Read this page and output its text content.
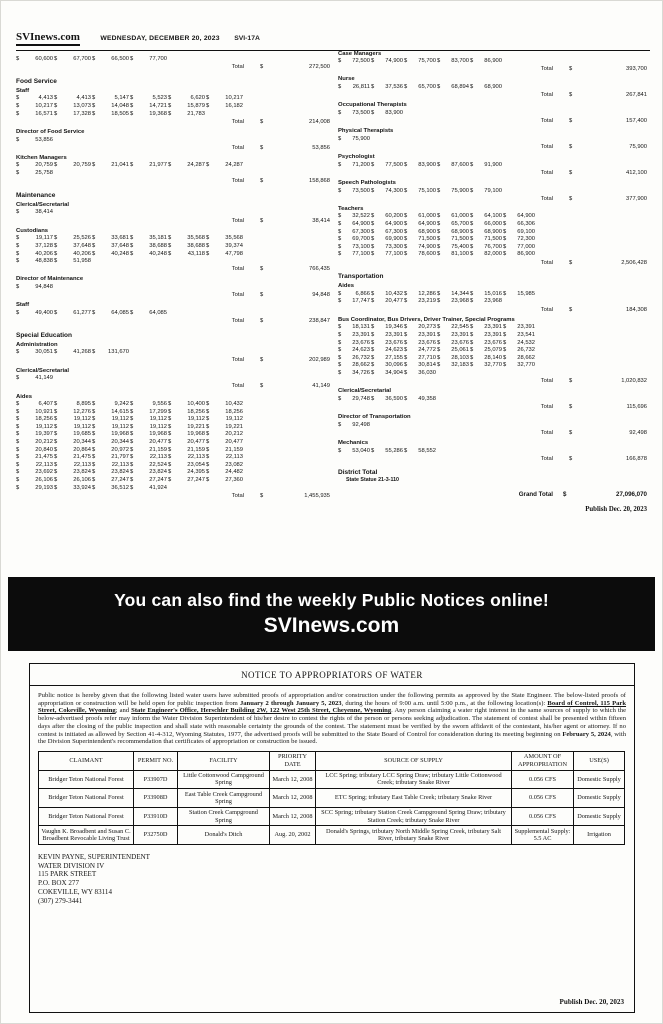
SVInews.com	WEDNESDAY, DECEMBER 20, 2023 SVI-17A
$	60,600 $	67,700 $	66,500 $	77,700
Total	$	272,500
Food Service
Staff
$	4,413 $	4,413 $	5,147 $	5,523 $	6,620 $	10,217
$	10,217 $	13,073 $	14,048 $	14,721 $	15,879 $	16,182
$	16,571 $	17,328 $	18,505 $	19,368 $	21,783
Total	$	214,008
Director of Food Service
$	53,856
Total	$	53,856
Kitchen Managers
$	20,759 $	20,759 $	21,041 $	21,977 $	24,287 $	24,287
$	25,758
Total	$	158,868
Maintenance
Clerical/Secretarial
$	38,414
Total	$	38,414
Custodians
$	19,117 $	25,526 $	33,681 $	35,181 $	35,568 $	35,568
$	37,128 $	37,648 $	37,648 $	38,688 $	38,688 $	39,374
$	40,206 $	40,206 $	40,248 $	40,248 $	43,118 $	47,798
$	48,838 $	51,958
Total	$	766,435
Director of Maintenance
$	94,848
Total	$	94,848
Staff
$	49,400 $	61,277 $	64,085 $	64,085
Total	$	238,847
Special Education
Administration
$	30,051 $	41,268 $ 131,670
Total	$	202,989
Clerical/Secretarial
$	41,149
Total	$	41,149
Aides
$	6,407 $	8,895 $	9,242 $	9,556 $	10,400 $	10,432
$	10,921 $	12,276 $	14,615 $	17,299 $	18,256 $	18,256
$	18,256 $	19,112 $	19,112 $	19,112 $	19,112 $	19,112
$	19,112 $	19,112 $	19,112 $	19,112 $	19,221 $	19,221
$	19,397 $	19,685 $	19,968 $	19,968 $	19,968 $	20,212
$	20,212 $	20,344 $	20,344 $	20,477 $	20,477 $	20,477
$	20,840 $	20,864 $	20,972 $	21,159 $	21,159 $	21,159
$	21,475 $	21,475 $	21,797 $	22,113 $	22,113 $	22,113
$	22,113 $	22,113 $	22,113 $	22,524 $	23,054 $	23,082
$	23,692 $	23,824 $	23,824 $	23,824 $	24,395 $	24,482
$	26,106 $	26,106 $	27,247 $	27,247 $	27,247 $	27,360
$	29,193 $	33,924 $	36,512 $	41,924
Total	$	1,455,935
Case Managers
$ 72,500 $ 74,900 $ 75,700 $ 83,700 $ 86,900
Total	$	393,700
Nurse
$ 26,811 $ 37,536 $ 65,700 $ 68,894 $ 68,900
Total	$	267,841
Occupational Therapists
$ 73,500 $ 83,900
Total	$	157,400
Physical Therapists
$ 75,900
Total	$	75,900
Psychologist
$ 71,200 $ 77,500 $ 83,900 $ 87,600 $ 91,900
Total	$	412,100
Speech Pathologists
$ 73,500 $ 74,300 $ 75,100 $ 75,900 $ 79,100
Total	$	377,900
Teachers
$ 32,522 $ 60,200 $ 61,000 $ 61,000 $ 64,100 $ 64,900
$ 64,900 $ 64,900 $ 64,900 $ 65,700 $ 66,000 $ 66,306
$ 67,300 $ 67,300 $ 68,900 $ 68,900 $ 68,900 $ 69,100
$ 69,700 $ 69,900 $ 71,500 $ 71,500 $ 71,500 $ 72,300
$ 73,100 $ 73,300 $ 74,900 $ 75,400 $ 76,700 $ 77,000
$ 77,100 $ 77,100 $ 78,600 $ 81,100 $ 82,000 $ 86,900
Total	$	2,506,428
Transportation
Aides
$ 6,866 $ 10,432 $ 12,286 $ 14,344 $ 15,016 $ 15,985
$ 17,747 $ 20,477 $ 23,219 $ 23,968 $ 23,968
Total	$	184,308
Bus Coordinator, Bus Drivers, Driver Trainer, Special Programs
$ 18,131 $ 19,346 $ 20,273 $ 22,545 $ 23,391 $ 23,391
$ 23,391 $ 23,391 $ 23,391 $ 23,391 $ 23,391 $ 23,541
$ 23,676 $ 23,676 $ 23,676 $ 23,676 $ 23,676 $ 24,532
$ 24,623 $ 24,623 $ 24,772 $ 25,061 $ 25,079 $ 26,732
$ 26,732 $ 27,155 $ 27,710 $ 28,103 $ 28,140 $ 28,662
$ 28,662 $ 30,096 $ 30,814 $ 32,183 $ 32,770 $ 32,770
$ 34,726 $ 34,904 $ 36,030
Total	$	1,020,832
Clerical/Secretarial
$ 29,748 $ 36,590 $ 49,358
Total	$	115,696
Director of Transportation
$ 92,498
Total	$	92,498
Mechanics
$ 53,040 $ 55,286 $ 58,552
Total	$	166,878
District Total
State Statue 21-3-110
Grand Total $	27,096,070
Publish Dec. 20, 2023
You can also find the weekly Public Notices online!
SVInews.com
NOTICE TO APPROPRIATORS OF WATER

Public notice is hereby given that the following listed water users have submitted proofs of appropriation and/or construction under the following permits as approved by the State Engineer. The below-listed proofs of appropriation or construction will be held open for public inspection from January 2 through January 5, 2023, during the hours of 9:00 a.m. until 5:00 p.m., at the following location(s): Board of Control, 115 Park Street, Cokeville, Wyoming; and State Engineer's Office, Herschler Building 2W, 122 West 25th Street, Cheyenne, Wyoming. Any person claiming a water right interest in the same sources of supply to which the below-advertised proofs refer may inform the Water Division Superintendent of his/her desire to contest the rights of the person or persons seeking adjudication. The statement of contest shall be presented within fifteen days after the closing of the public inspection and shall state with reasonable certainty the grounds of the contest. The statement must be verified by the sworn affidavit of the contestant, his/her agent or attorney. If no contest is initiated as allowed by Section 41-4-312, Wyoming Statutes, 1977, the advertised proofs will be submitted to the State Board of Control for consideration during its meeting beginning on February 5, 2024, with the Division Superintendent's recommendation that certificates of appropriation or construction be issued.

CLAIMANT	PERMIT NO.	FACILITY	PRIORITY DATE	SOURCE OF SUPPLY	AMOUNT OF APPROPRIATION	USE(S)
Bridger Teton National Forest	P33907D	Little Cottonwood Campground Spring	March 12, 2008	LCC Spring; tributary LCC Spring Draw; tributary Little Cottonwood Creek; tributary Snake River	0.056 CFS	Domestic Supply
Bridger Teton National Forest	P33908D	East Table Creek Campground Spring	March 12, 2008	ETC Spring; tributary East Table Creek; tributary Snake River	0.056 CFS	Domestic Supply
Bridger Teton National Forest	P33910D	Station Creek Campground Spring	March 12, 2008	SCC Spring; tributary Station Creek Campground Spring Draw; tributary Station Creek; tributary Snake River	0.056 CFS	Domestic Supply
Vaughn K. Broadbent and Susan C. Broadbent Revocable Living Trust	P32750D	Donald's Ditch	Aug. 20, 2002	Donald's Springs, tributary North Middle Spring Creek, tributary Salt River, tributary Snake River	Supplemental Supply: 5.5 AC	Irrigation
KEVIN PAYNE, SUPERINTENDENT
WATER DIVISION IV
115 PARK STREET
P.O. BOX 277
COKEVILLE, WY 83114
(307) 279-3441
Publish Dec. 20, 2023
